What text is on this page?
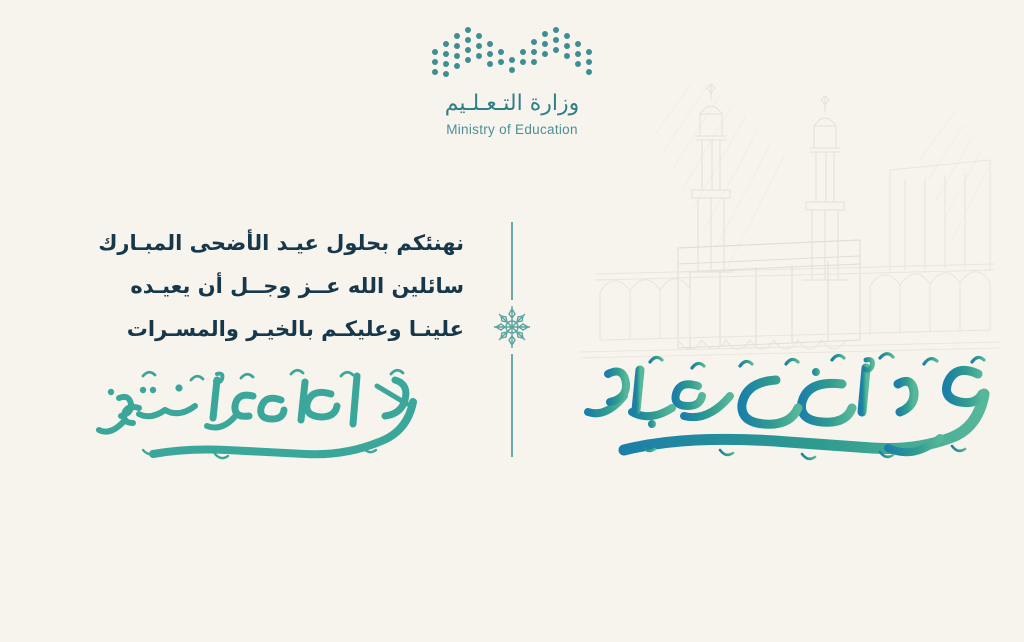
وزارة التـعـلـيم
Ministry of Education
نهنئكم بحلول عيـد الأضحى المبـارك
سائلين الله عــز وجــل أن يعيـده
علينـا وعليكـم بالخيـر والمسـرات
